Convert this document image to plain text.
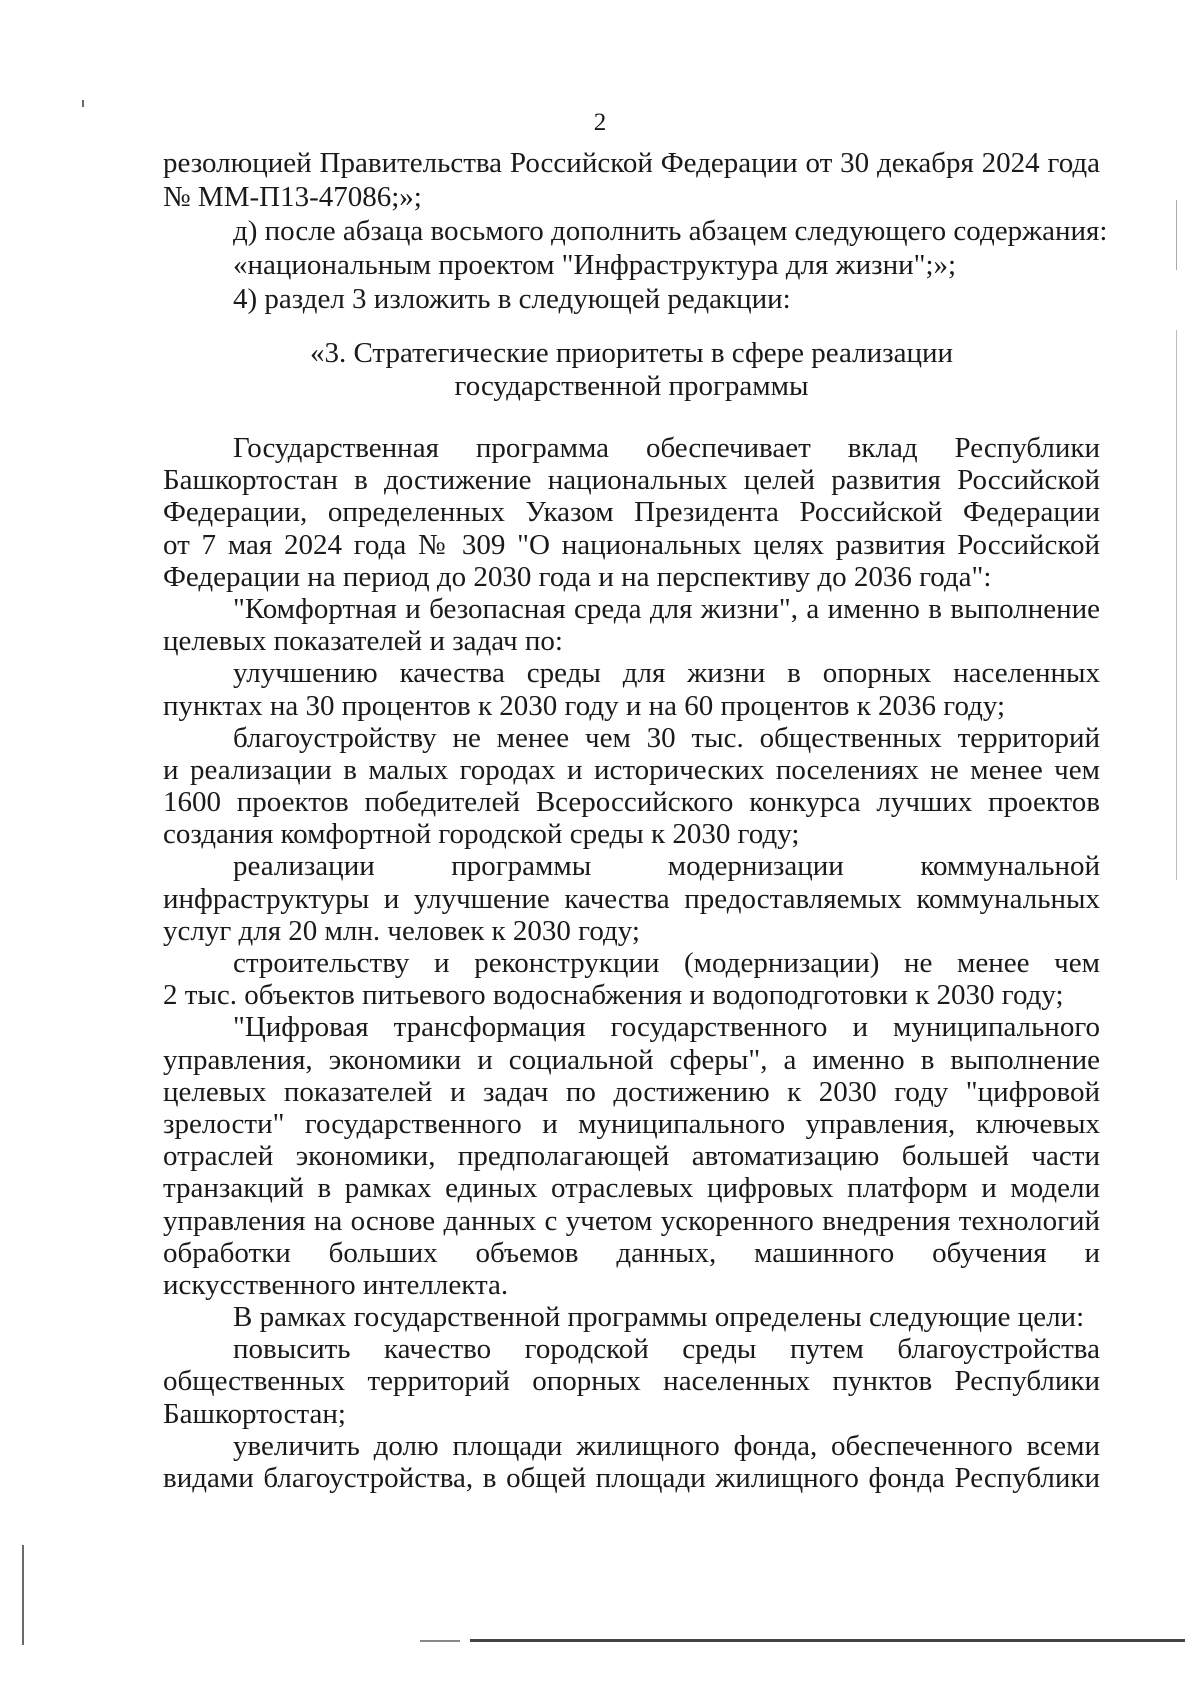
2
резолюцией Правительства Российской Федерации от 30 декабря 2024 года
№ ММ-П13-47086;»;
д) после абзаца восьмого дополнить абзацем следующего содержания:
«национальным проектом "Инфраструктура для жизни";»;
4) раздел 3 изложить в следующей редакции:
«3. Стратегические приоритеты в сфере реализации
государственной программы
Государственная программа обеспечивает вклад Республики
Башкортостан в достижение национальных целей развития Российской
Федерации, определенных Указом Президента Российской Федерации
от 7 мая 2024 года № 309 "О национальных целях развития Российской
Федерации на период до 2030 года и на перспективу до 2036 года":
"Комфортная и безопасная среда для жизни", а именно в выполнение
целевых показателей и задач по:
улучшению качества среды для жизни в опорных населенных
пунктах на 30 процентов к 2030 году и на 60 процентов к 2036 году;
благоустройству не менее чем 30 тыс. общественных территорий
и реализации в малых городах и исторических поселениях не менее чем
1600 проектов победителей Всероссийского конкурса лучших проектов
создания комфортной городской среды к 2030 году;
реализации программы модернизации коммунальной
инфраструктуры и улучшение качества предоставляемых коммунальных
услуг для 20 млн. человек к 2030 году;
строительству и реконструкции (модернизации) не менее чем
2 тыс. объектов питьевого водоснабжения и водоподготовки к 2030 году;
"Цифровая трансформация государственного и муниципального
управления, экономики и социальной сферы", а именно в выполнение
целевых показателей и задач по достижению к 2030 году "цифровой
зрелости" государственного и муниципального управления, ключевых
отраслей экономики, предполагающей автоматизацию большей части
транзакций в рамках единых отраслевых цифровых платформ и модели
управления на основе данных с учетом ускоренного внедрения технологий
обработки больших объемов данных, машинного обучения и
искусственного интеллекта.
В рамках государственной программы определены следующие цели:
повысить качество городской среды путем благоустройства
общественных территорий опорных населенных пунктов Республики
Башкортостан;
увеличить долю площади жилищного фонда, обеспеченного всеми
видами благоустройства, в общей площади жилищного фонда Республики
